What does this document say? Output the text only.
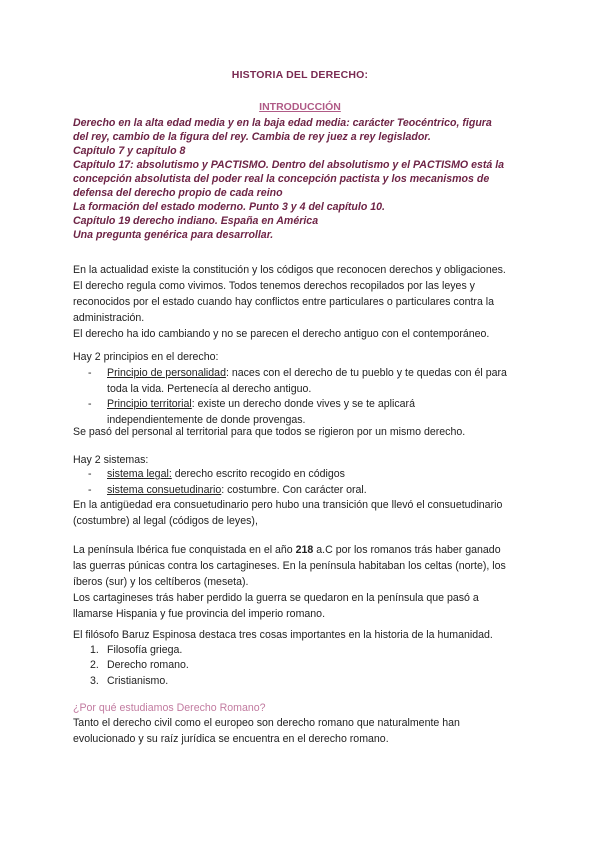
HISTORIA DEL DERECHO:
INTRODUCCIÓN
Derecho en la alta edad media y en la baja edad media: carácter Teocéntrico, figura
del rey, cambio de la figura del rey. Cambia de rey juez a rey legislador.
Capítulo 7 y capítulo 8
Capítulo 17: absolutismo y PACTISMO. Dentro del absolutismo y el PACTISMO está la
concepción absolutista del poder real la concepción pactista y los mecanismos de
defensa del derecho propio de cada reino
La formación del estado moderno. Punto 3 y 4 del capítulo 10.
Capítulo 19 derecho indiano. España en América
Una pregunta genérica para desarrollar.
En la actualidad existe la constitución y los códigos que reconocen derechos y obligaciones.
El derecho regula como vivimos. Todos tenemos derechos recopilados por las leyes y
reconocidos por el estado cuando hay conflictos entre particulares o particulares contra la
administración.
El derecho ha ido cambiando y no se parecen el derecho antiguo con el contemporáneo.
Hay 2 principios en el derecho:
- Principio de personalidad: naces con el derecho de tu pueblo y te quedas con él para
toda la vida. Pertenecía al derecho antiguo.
- Principio territorial: existe un derecho donde vives y se te aplicará
independientemente de donde provengas.
Se pasó del personal al territorial para que todos se rigieron por un mismo derecho.
Hay 2 sistemas:
- sistema legal: derecho escrito recogido en códigos
- sistema consuetudinario: costumbre. Con carácter oral.
En la antigüedad era consuetudinario pero hubo una transición que llevó el consuetudinario
(costumbre) al legal (códigos de leyes),
La península Ibérica fue conquistada en el año 218 a.C por los romanos trás haber ganado
las guerras púnicas contra los cartagineses. En la península habitaban los celtas (norte), los
íberos (sur) y los celtíberos (meseta).
Los cartagineses trás haber perdido la guerra se quedaron en la península que pasó a
llamarse Hispania y fue provincia del imperio romano.
El filósofo Baruz Espinosa destaca tres cosas importantes en la historia de la humanidad.
1. Filosofía griega.
2. Derecho romano.
3. Cristianismo.
¿Por qué estudiamos Derecho Romano?
Tanto el derecho civil como el europeo son derecho romano que naturalmente han
evolucionado y su raíz jurídica se encuentra en el derecho romano.
